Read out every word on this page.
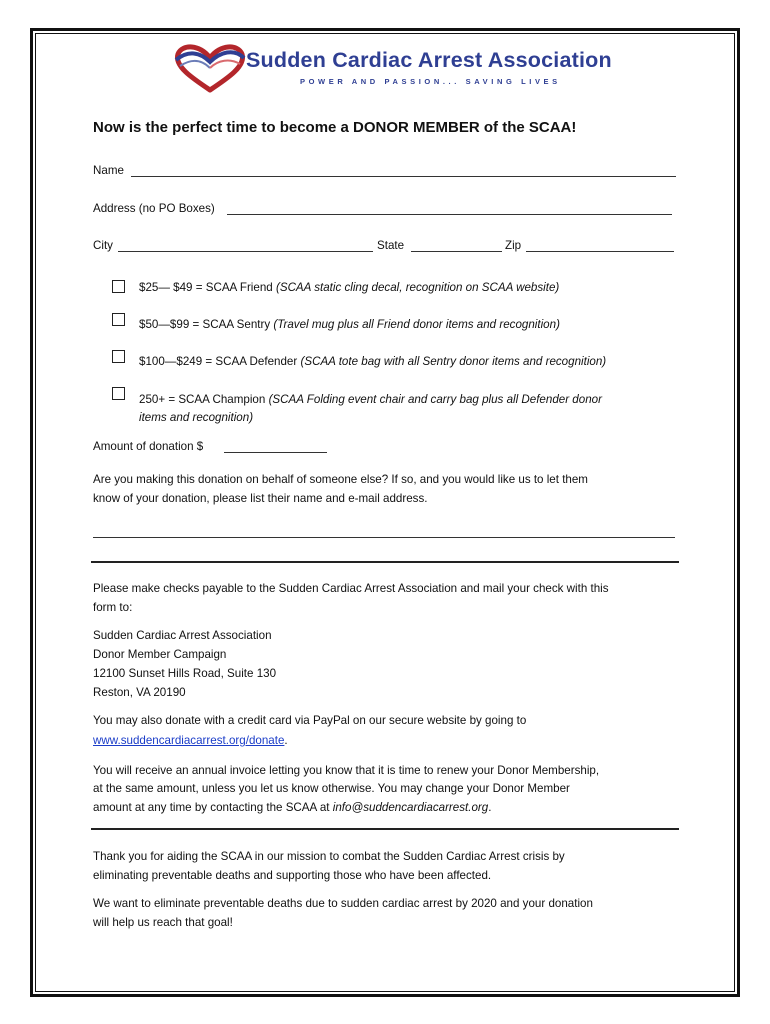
Sudden Cardiac Arrest Association
POWER AND PASSION... SAVING LIVES
Now is the perfect time to become a DONOR MEMBER of the SCAA!
Name
Address (no PO Boxes)
City	State	Zip
$25— $49 = SCAA Friend (SCAA static cling decal, recognition on SCAA website)
$50—$99 = SCAA Sentry (Travel mug plus all Friend donor items and recognition)
$100—$249 = SCAA Defender (SCAA tote bag with all Sentry donor items and recognition)
250+ = SCAA Champion (SCAA Folding event chair and carry bag plus all Defender donor
items and recognition)
Amount of donation $
Are you making this donation on behalf of someone else? If so, and you would like us to let them
know of your donation, please list their name and e-mail address.
Please make checks payable to the Sudden Cardiac Arrest Association and mail your check with this
form to:
Sudden Cardiac Arrest Association
Donor Member Campaign
12100 Sunset Hills Road, Suite 130
Reston, VA 20190
You may also donate with a credit card via PayPal on our secure website by going to
www.suddencardiacarrest.org/donate.
You will receive an annual invoice letting you know that it is time to renew your Donor Membership,
at the same amount, unless you let us know otherwise. You may change your Donor Member
amount at any time by contacting the SCAA at info@suddencardiacarrest.org.
Thank you for aiding the SCAA in our mission to combat the Sudden Cardiac Arrest crisis by
eliminating preventable deaths and supporting those who have been affected.
We want to eliminate preventable deaths due to sudden cardiac arrest by 2020 and your donation
will help us reach that goal!
